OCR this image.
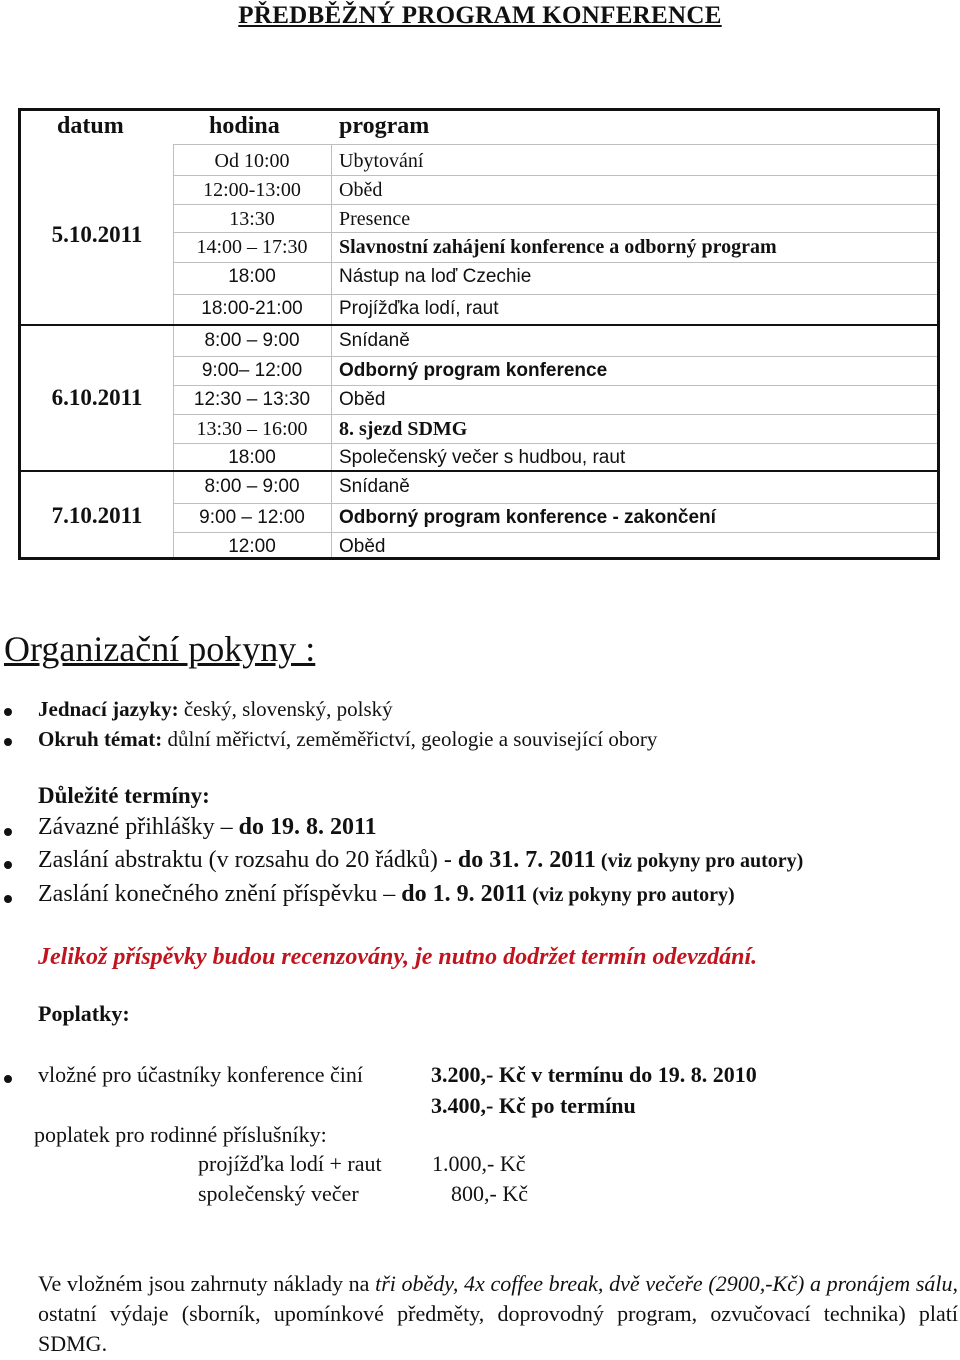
PŘEDBĚŽNÝ PROGRAM KONFERENCE
datum	hodina program
5.10.2011
Od 10:00	Ubytování
12:00-13:00	Oběd
13:30	Presence
14:00 – 17:30	Slavnostní zahájení konference a odborný program
18:00	Nástup na loď Czechie
18:00-21:00	Projížďka lodí, raut
6.10.2011
8:00 – 9:00	Snídaně
9:00– 12:00	Odborný program konference
12:30 – 13:30	Oběd
13:30 – 16:00	8. sjezd SDMG
18:00	Společenský večer s hudbou, raut
7.10.2011
8:00 – 9:00	Snídaně
9:00 – 12:00	Odborný program konference - zakončení
12:00	Oběd
Organizační pokyny :
Jednací jazyky: český, slovenský, polský
Okruh témat: důlní měřictví, zeměměřictví, geologie a související obory
Důležité termíny:
Závazné přihlášky – do 19. 8. 2011
Zaslání abstraktu (v rozsahu do 20 řádků) - do 31. 7. 2011 (viz pokyny pro autory)
Zaslání konečného znění příspěvku – do 1. 9. 2011 (viz pokyny pro autory)
Jelikož příspěvky budou recenzovány, je nutno dodržet termín odevzdání.
Poplatky:
vložné pro účastníky konference činí	3.200,- Kč v termínu do 19. 8. 2010
3.400,- Kč po termínu
poplatek pro rodinné příslušníky:
projížďka lodí + raut 1.000,- Kč
společenský večer	800,- Kč
Ve vložném jsou zahrnuty náklady na tři obědy, 4x coffee break, dvě večeře (2900,-Kč) a pronájem sálu, ostatní výdaje (sborník, upomínkové předměty, doprovodný program, ozvučovací technika) platí SDMG.
